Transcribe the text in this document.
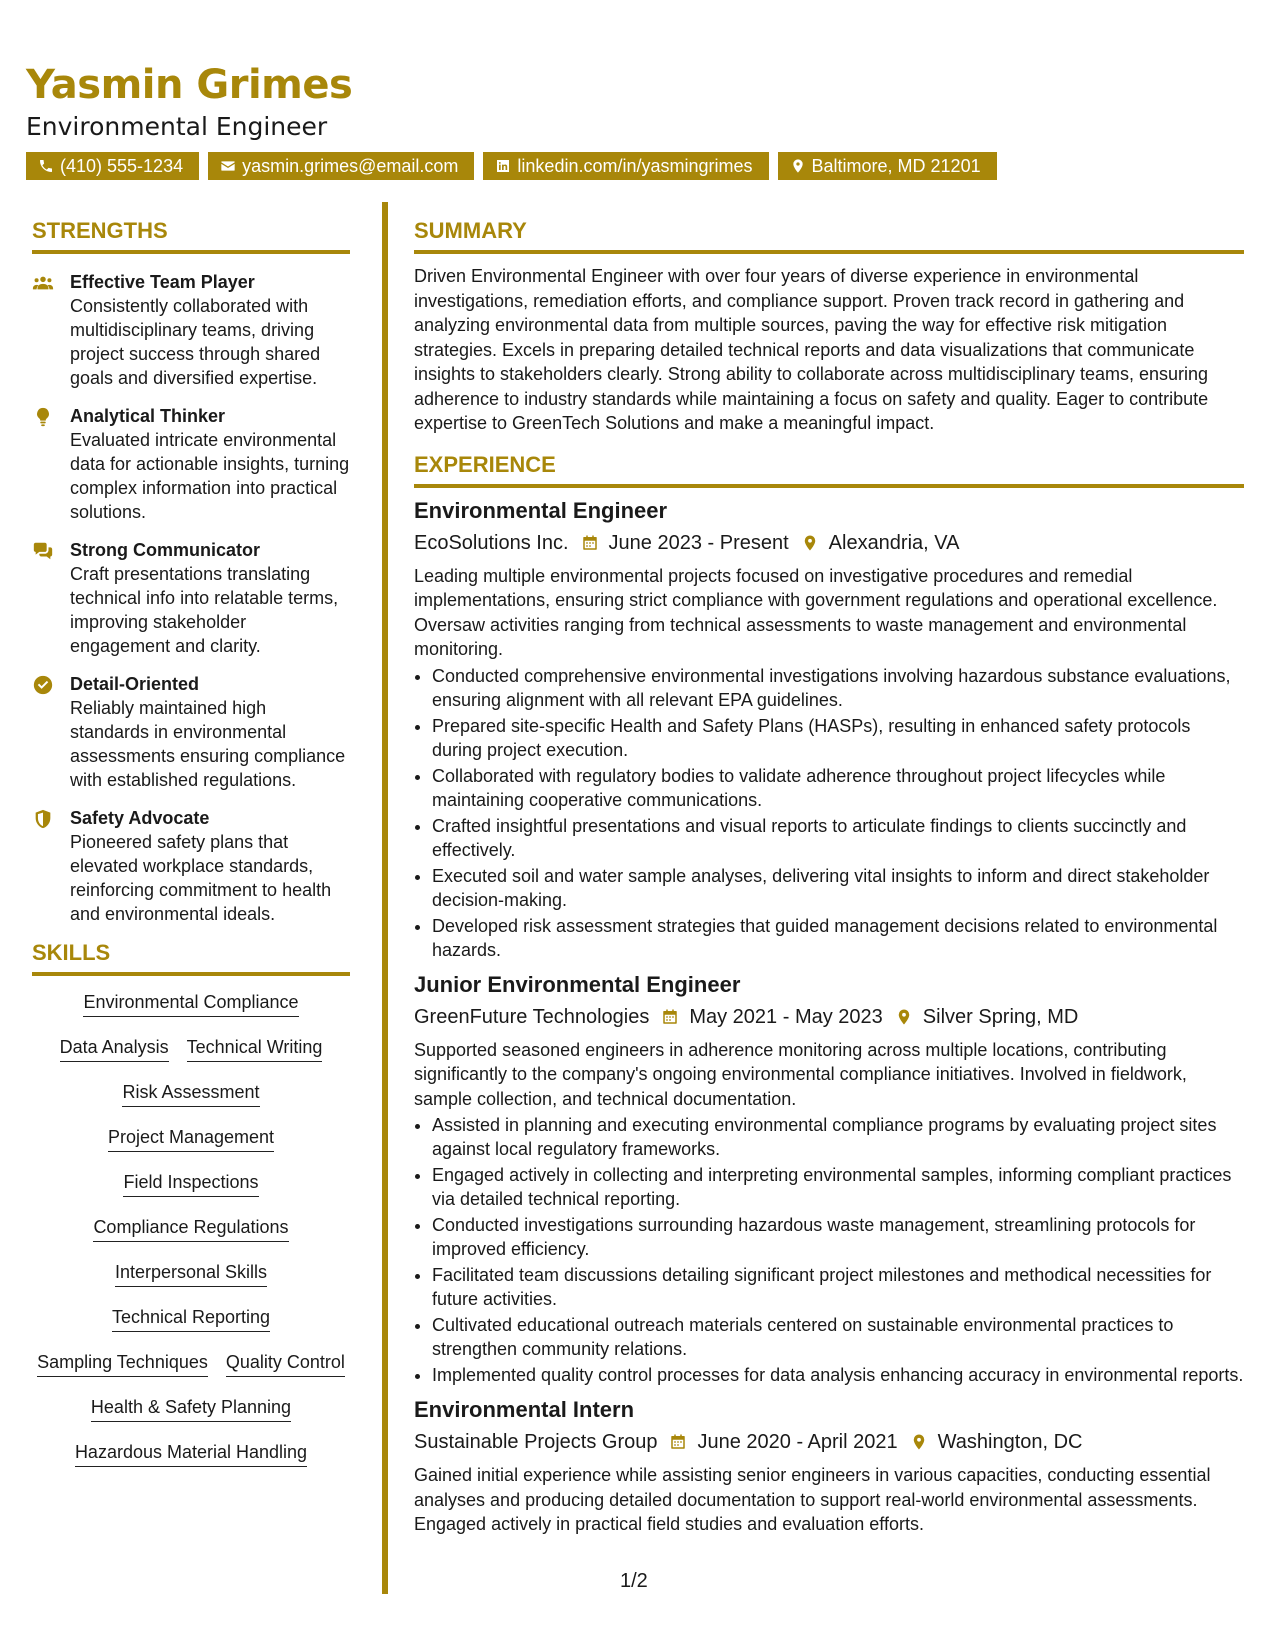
Yasmin Grimes
Environmental Engineer
(410) 555-1234	yasmin.grimes@email.com	linkedin.com/in/yasmingrimes	Baltimore, MD 21201
STRENGTHS
Effective Team Player
Consistently collaborated with multidisciplinary teams, driving project success through shared goals and diversified expertise.
Analytical Thinker
Evaluated intricate environmental data for actionable insights, turning complex information into practical solutions.
Strong Communicator
Craft presentations translating technical info into relatable terms, improving stakeholder engagement and clarity.
Detail-Oriented
Reliably maintained high standards in environmental assessments ensuring compliance with established regulations.
Safety Advocate
Pioneered safety plans that elevated workplace standards, reinforcing commitment to health and environmental ideals.
SKILLS
Environmental Compliance
Data Analysis Technical Writing
Risk Assessment
Project Management
Field Inspections
Compliance Regulations
Interpersonal Skills
Technical Reporting
Sampling Techniques Quality Control
Health & Safety Planning
Hazardous Material Handling
SUMMARY

Driven Environmental Engineer with over four years of diverse experience in environmental investigations, remediation efforts, and compliance support. Proven track record in gathering and analyzing environmental data from multiple sources, paving the way for effective risk mitigation strategies. Excels in preparing detailed technical reports and data visualizations that communicate insights to stakeholders clearly. Strong ability to collaborate across multidisciplinary teams, ensuring adherence to industry standards while maintaining a focus on safety and quality. Eager to contribute expertise to GreenTech Solutions and make a meaningful impact.

EXPERIENCE
Environmental Engineer
EcoSolutions Inc. June 2023 - Present Alexandria, VA
Leading multiple environmental projects focused on investigative procedures and remedial implementations, ensuring strict compliance with government regulations and operational excellence. Oversaw activities ranging from technical assessments to waste management and environmental monitoring.
• Conducted comprehensive environmental investigations involving hazardous substance evaluations, ensuring alignment with all relevant EPA guidelines.
• Prepared site-specific Health and Safety Plans (HASPs), resulting in enhanced safety protocols during project execution.
• Collaborated with regulatory bodies to validate adherence throughout project lifecycles while maintaining cooperative communications.
• Crafted insightful presentations and visual reports to articulate findings to clients succinctly and effectively.
• Executed soil and water sample analyses, delivering vital insights to inform and direct stakeholder decision-making.
• Developed risk assessment strategies that guided management decisions related to environmental hazards.
Junior Environmental Engineer
GreenFuture Technologies May 2021 - May 2023 Silver Spring, MD
Supported seasoned engineers in adherence monitoring across multiple locations, contributing significantly to the company's ongoing environmental compliance initiatives. Involved in fieldwork, sample collection, and technical documentation.
• Assisted in planning and executing environmental compliance programs by evaluating project sites against local regulatory frameworks.
• Engaged actively in collecting and interpreting environmental samples, informing compliant practices via detailed technical reporting.
• Conducted investigations surrounding hazardous waste management, streamlining protocols for improved efficiency.
• Facilitated team discussions detailing significant project milestones and methodical necessities for future activities.
• Cultivated educational outreach materials centered on sustainable environmental practices to strengthen community relations.
• Implemented quality control processes for data analysis enhancing accuracy in environmental reports.
Environmental Intern
Sustainable Projects Group June 2020 - April 2021 Washington, DC
Gained initial experience while assisting senior engineers in various capacities, conducting essential analyses and producing detailed documentation to support real-world environmental assessments. Engaged actively in practical field studies and evaluation efforts.
1/2
